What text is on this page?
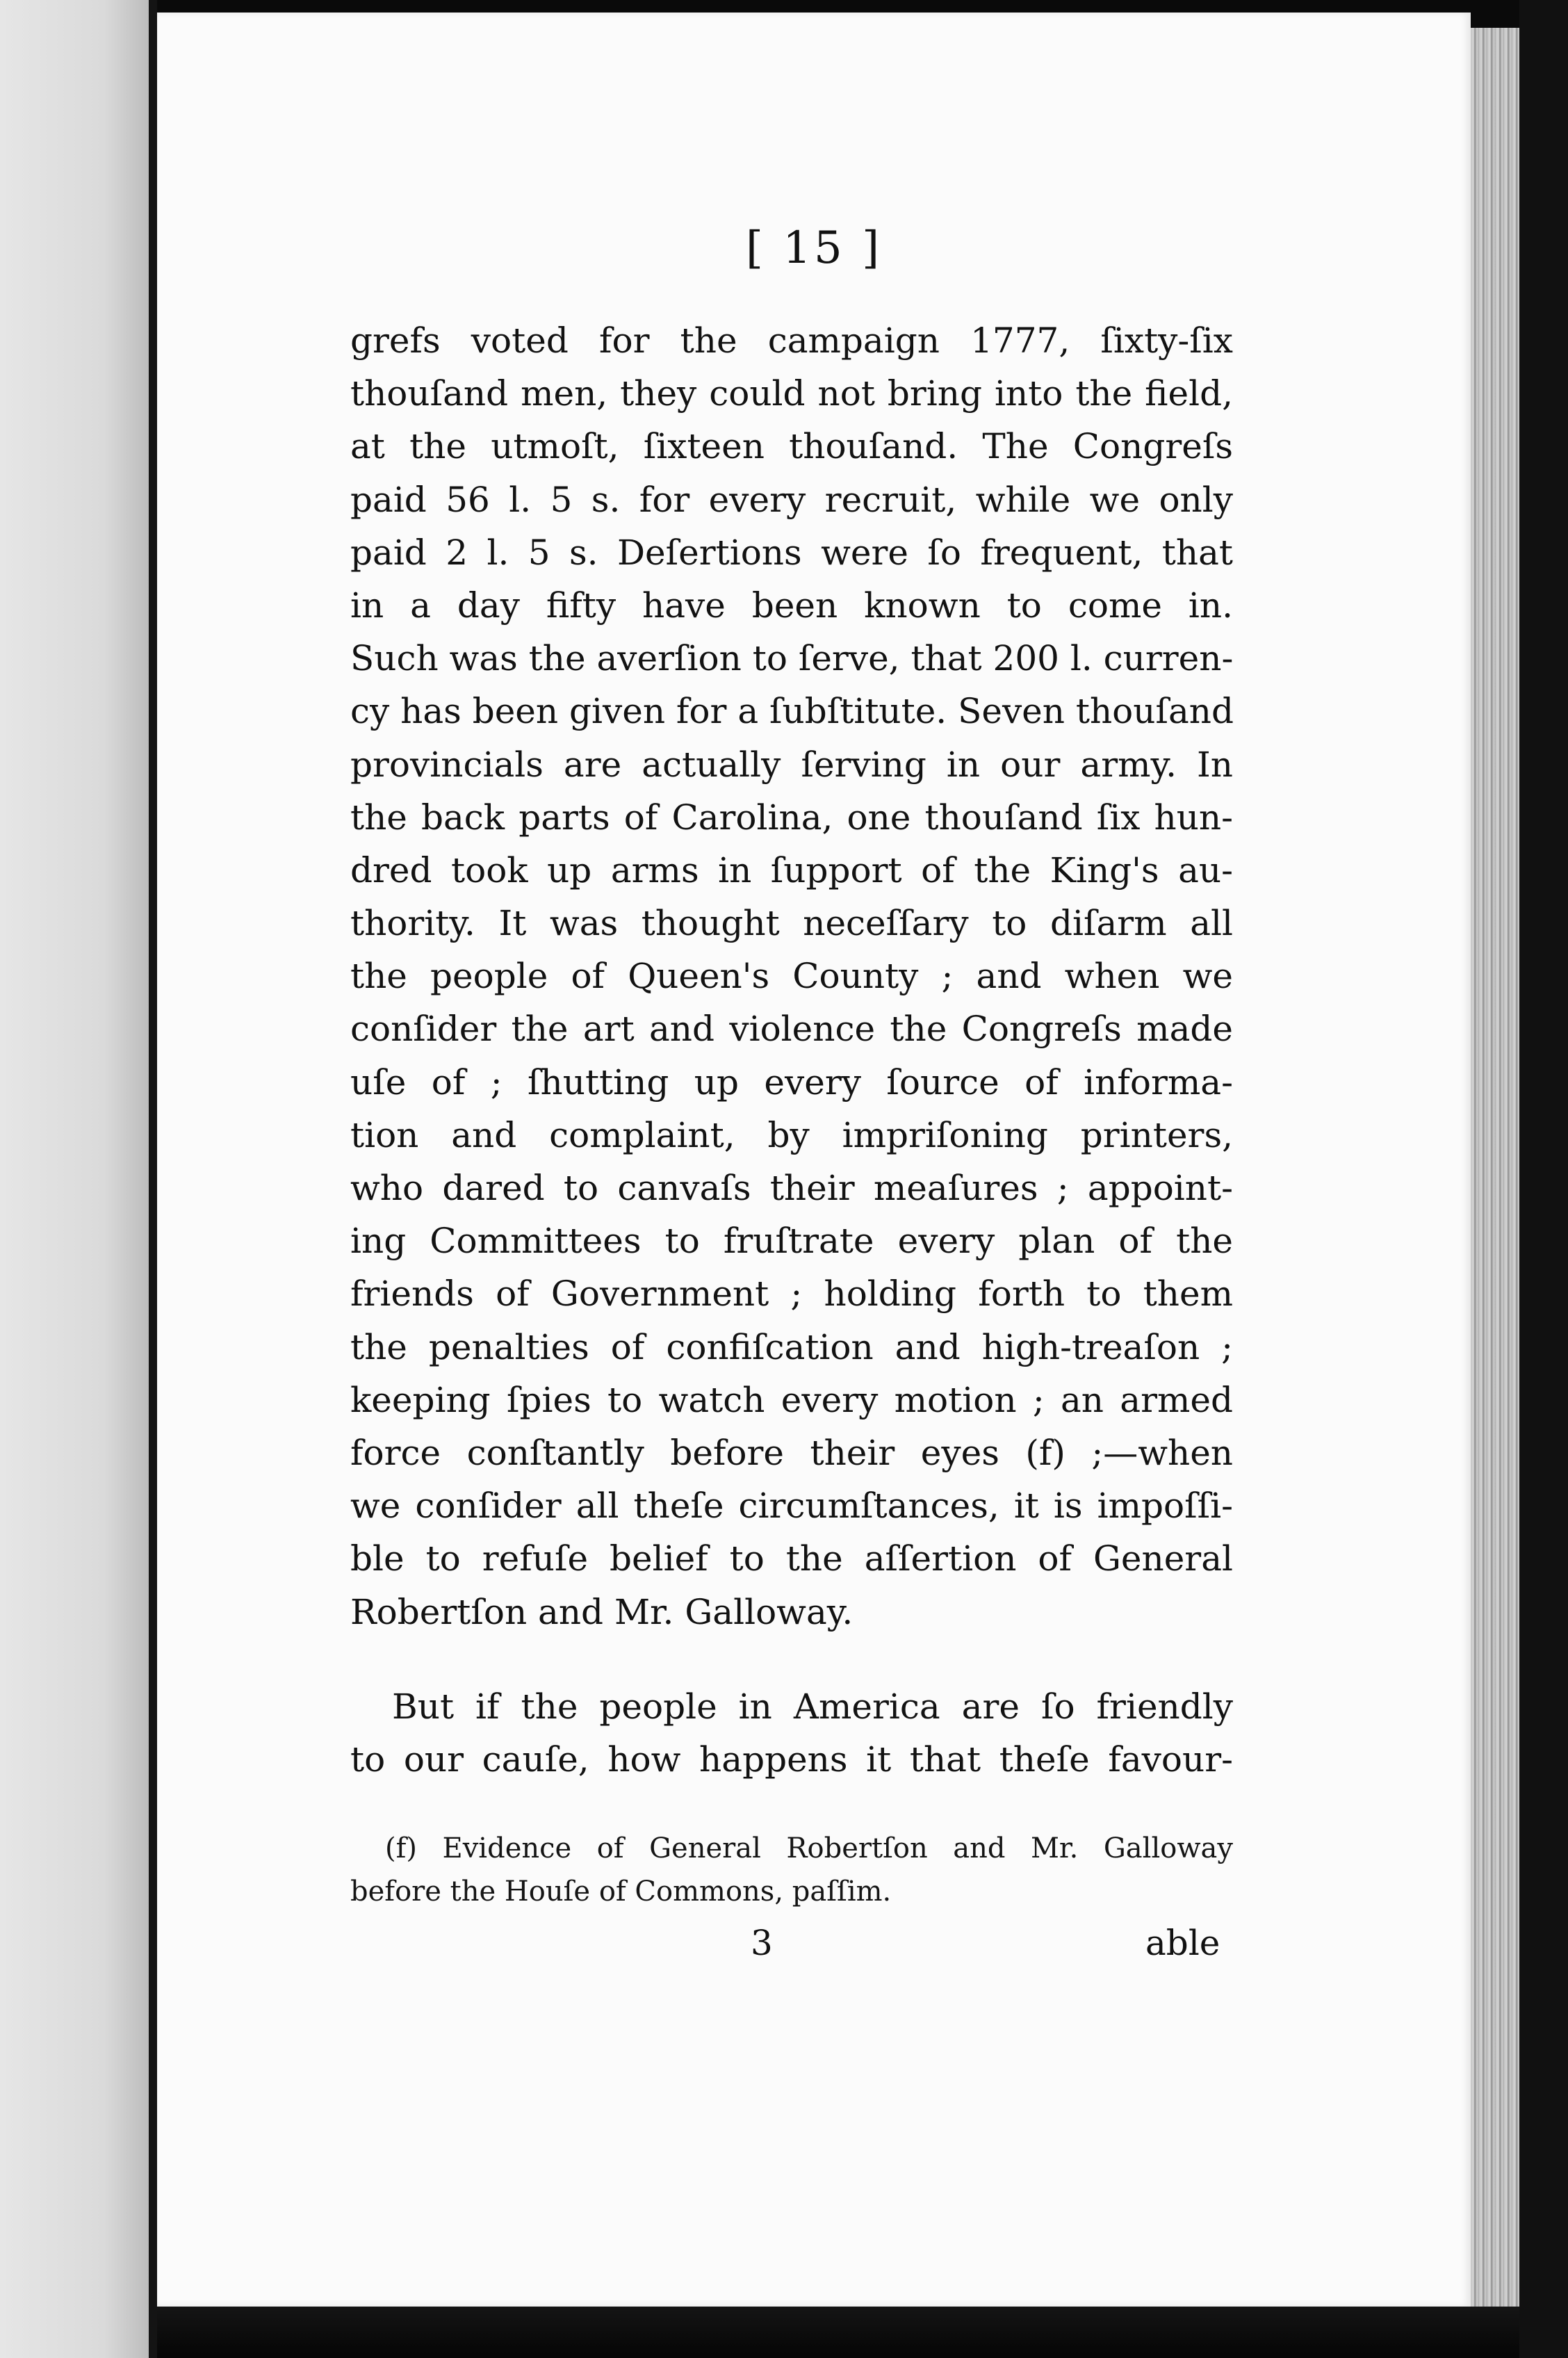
[ 15 ]
grefs voted for the campaign 1777, ſixty-ſix
thouſand men, they could not bring into the field,
at the utmoſt, ſixteen thouſand. The Congreſs
paid 56 l. 5 s. for every recruit, while we only
paid 2 l. 5 s. Deſertions were ſo frequent, that
in a day fifty have been known to come in.
Such was the averſion to ſerve, that 200 l. curren-
cy has been given for a ſubſtitute. Seven thouſand
provincials are actually ſerving in our army. In
the back parts of Carolina, one thouſand ſix hun-
dred took up arms in ſupport of the King's au-
thority. It was thought neceſſary to diſarm all
the people of Queen's County ; and when we
conſider the art and violence the Congreſs made
uſe of ; ſhutting up every ſource of informa-
tion and complaint, by impriſoning printers,
who dared to canvaſs their meaſures ; appoint-
ing Committees to fruſtrate every plan of the
friends of Government ; holding forth to them
the penalties of confiſcation and high-treaſon ;
keeping ſpies to watch every motion ; an armed
force conſtantly before their eyes (f) ;—when
we conſider all theſe circumſtances, it is impoſſi-
ble to refuſe belief to the aſſertion of General
Robertſon and Mr. Galloway.
But if the people in America are ſo friendly
to our cauſe, how happens it that theſe favour-
(f) Evidence of General Robertſon and Mr. Galloway
before the Houſe of Commons, paſſim.
3	able
